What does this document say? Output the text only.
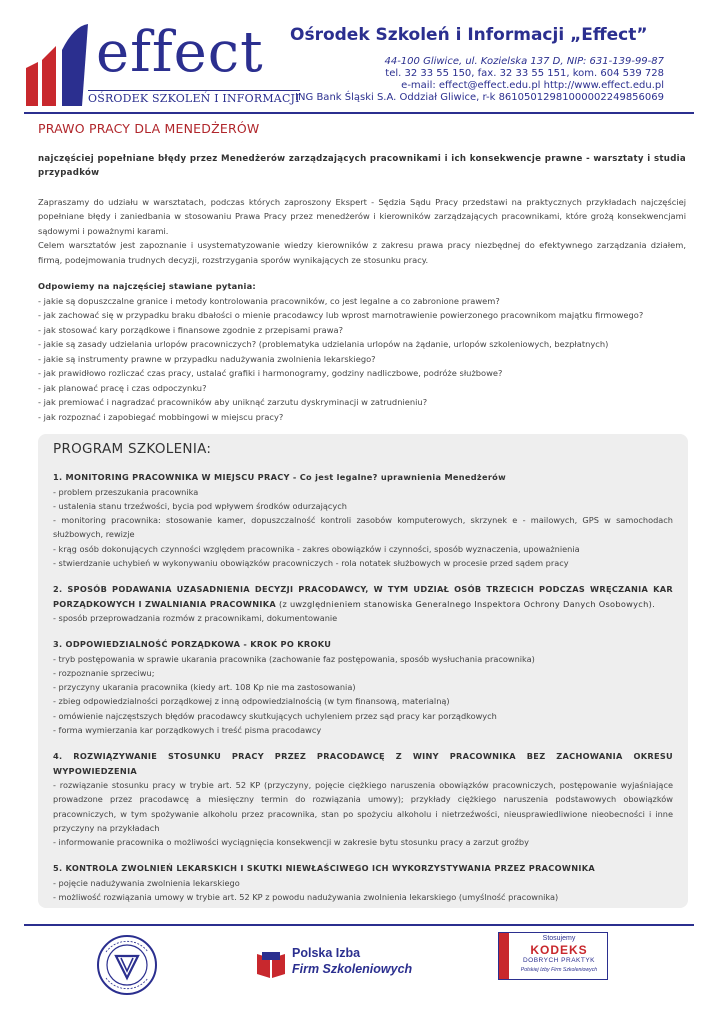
effect
OŚRODEK SZKOLEŃ I INFORMACJI
Ośrodek Szkoleń i Informacji „Effect”
44-100 Gliwice, ul. Kozielska 137 D, NIP: 631-139-99-87
tel. 32 33 55 150, fax. 32 33 55 151, kom. 604 539 728
e-mail: effect@effect.edu.pl http://www.effect.edu.pl
ING Bank Śląski S.A. Oddział Gliwice, r-k 86105012981000002249856069
PRAWO PRACY DLA MENEDŻERÓW
najczęściej popełniane błędy przez Menedżerów zarządzających pracownikami i ich konsekwencje prawne - warsztaty i studia przypadków

Zapraszamy do udziału w warsztatach, podczas których zaproszony Ekspert - Sędzia Sądu Pracy przedstawi na praktycznych przykładach najczęściej popełniane błędy i zaniedbania w stosowaniu Prawa Pracy przez menedżerów i kierowników zarządzających pracownikami, które grożą konsekwencjami sądowymi i poważnymi karami.

Celem warsztatów jest zapoznanie i usystematyzowanie wiedzy kierowników z zakresu prawa pracy niezbędnej do efektywnego zarządzania działem, firmą, podejmowania trudnych decyzji, rozstrzygania sporów wynikających ze stosunku pracy.

Odpowiemy na najczęściej stawiane pytania:

- jakie są dopuszczalne granice i metody kontrolowania pracowników, co jest legalne a co zabronione prawem?

- jak zachować się w przypadku braku dbałości o mienie pracodawcy lub wprost marnotrawienie powierzonego pracownikom majątku firmowego?

- jak stosować kary porządkowe i finansowe zgodnie z przepisami prawa?

- jakie są zasady udzielania urlopów pracowniczych? (problematyka udzielania urlopów na żądanie, urlopów szkoleniowych, bezpłatnych)

- jakie są instrumenty prawne w przypadku nadużywania zwolnienia lekarskiego?

- jak prawidłowo rozliczać czas pracy, ustalać grafiki i harmonogramy, godziny nadliczbowe, podróże służbowe?

- jak planować pracę i czas odpoczynku?

- jak premiować i nagradzać pracowników aby uniknąć zarzutu dyskryminacji w zatrudnieniu?

- jak rozpoznać i zapobiegać mobbingowi w miejscu pracy?

PROGRAM SZKOLENIA:

1. MONITORING PRACOWNIKA W MIEJSCU PRACY - Co jest legalne? uprawnienia Menedżerów

- problem przeszukania pracownika

- ustalenia stanu trzeźwości, bycia pod wpływem środków odurzających

- monitoring pracownika: stosowanie kamer, dopuszczalność kontroli zasobów komputerowych, skrzynek e - mailowych, GPS w samochodach służbowych, rewizje

- krąg osób dokonujących czynności względem pracownika - zakres obowiązków i czynności, sposób wyznaczenia, upoważnienia

- stwierdzanie uchybień w wykonywaniu obowiązków pracowniczych - rola notatek służbowych w procesie przed sądem pracy

2. SPOSÓB PODAWANIA UZASADNIENIA DECYZJI PRACODAWCY, W TYM UDZIAŁ OSÓB TRZECICH PODCZAS WRĘCZANIA KAR PORZĄDKOWYCH I ZWALNIANIA PRACOWNIKA (z uwzględnieniem stanowiska Generalnego Inspektora Ochrony Danych Osobowych).

- sposób przeprowadzania rozmów z pracownikami, dokumentowanie

3. ODPOWIEDZIALNOŚĆ PORZĄDKOWA - KROK PO KROKU

- tryb postępowania w sprawie ukarania pracownika (zachowanie faz postępowania, sposób wysłuchania pracownika)

- rozpoznanie sprzeciwu;

- przyczyny ukarania pracownika (kiedy art. 108 Kp nie ma zastosowania)

- zbieg odpowiedzialności porządkowej z inną odpowiedzialnością (w tym finansową, materialną)

- omówienie najczęstszych błędów pracodawcy skutkujących uchyleniem przez sąd pracy kar porządkowych

- forma wymierzania kar porządkowych i treść pisma pracodawcy

4. ROZWIĄZYWANIE STOSUNKU PRACY PRZEZ PRACODAWCĘ Z WINY PRACOWNIKA BEZ ZACHOWANIA OKRESU WYPOWIEDZENIA

- rozwiązanie stosunku pracy w trybie art. 52 KP (przyczyny, pojęcie ciężkiego naruszenia obowiązków pracowniczych, postępowanie wyjaśniające prowadzone przez pracodawcę a miesięczny termin do rozwiązania umowy); przykłady ciężkiego naruszenia podstawowych obowiązków pracowniczych, w tym spożywanie alkoholu przez pracownika, stan po spożyciu alkoholu i nietrzeźwości, nieusprawiedliwione nieobecności i inne przyczyny na przykładach

- informowanie pracownika o możliwości wyciągnięcia konsekwencji w zakresie bytu stosunku pracy a zarzut groźby

5. KONTROLA ZWOLNIEŃ LEKARSKICH I SKUTKI NIEWŁAŚCIWEGO ICH WYKORZYSTYWANIA PRZEZ PRACOWNIKA

- pojęcie nadużywania zwolnienia lekarskiego

- możliwość rozwiązania umowy w trybie art. 52 KP z powodu nadużywania zwolnienia lekarskiego (umyślność pracownika)

Polska Izba
Firm Szkoleniowych
Stosujemy
KODEKS
DOBRYCH PRAKTYK
Polskiej Izby Firm Szkoleniowych
